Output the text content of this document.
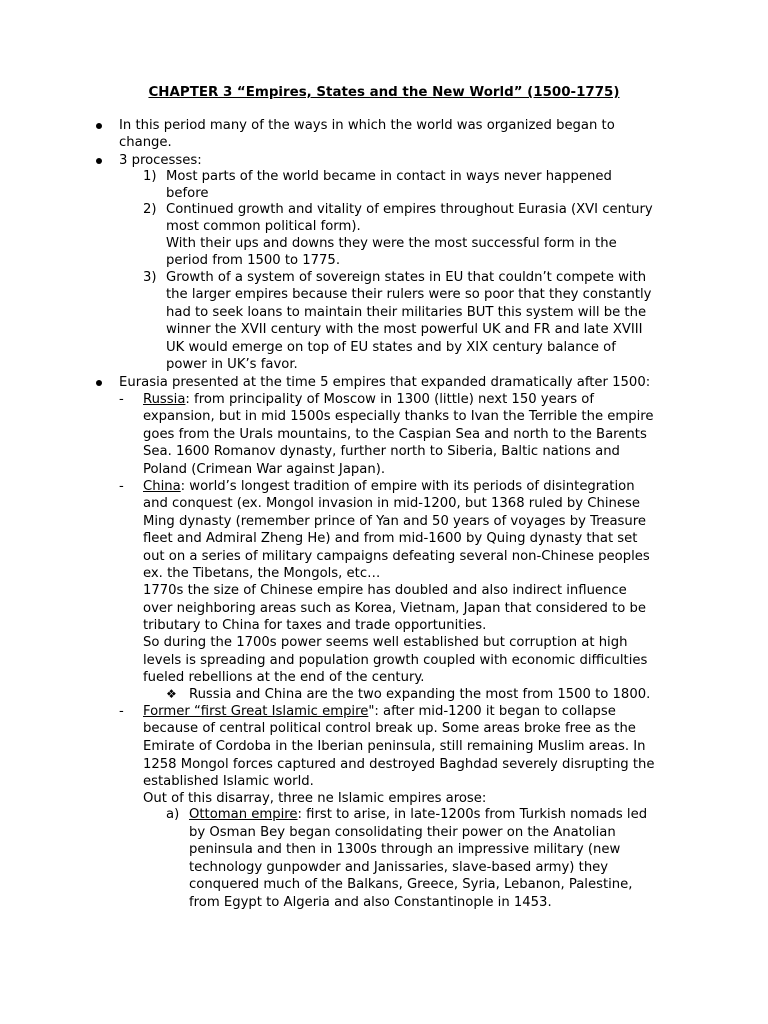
CHAPTER 3 “Empires, States and the New World” (1500-1775)
In this period many of the ways in which the world was organized began to
change.
3 processes:
1) Most parts of the world became in contact in ways never happened
before
2) Continued growth and vitality of empires throughout Eurasia (XVI century
most common political form).
With their ups and downs they were the most successful form in the
period from 1500 to 1775.
3) Growth of a system of sovereign states in EU that couldn’t compete with
the larger empires because their rulers were so poor that they constantly
had to seek loans to maintain their militaries BUT this system will be the
winner the XVII century with the most powerful UK and FR and late XVIII
UK would emerge on top of EU states and by XIX century balance of
power in UK’s favor.
Eurasia presented at the time 5 empires that expanded dramatically after 1500:
- Russia: from principality of Moscow in 1300 (little) next 150 years of
expansion, but in mid 1500s especially thanks to Ivan the Terrible the empire
goes from the Urals mountains, to the Caspian Sea and north to the Barents
Sea. 1600 Romanov dynasty, further north to Siberia, Baltic nations and
Poland (Crimean War against Japan).
- China: world’s longest tradition of empire with its periods of disintegration
and conquest (ex. Mongol invasion in mid-1200, but 1368 ruled by Chinese
Ming dynasty (remember prince of Yan and 50 years of voyages by Treasure
fleet and Admiral Zheng He) and from mid-1600 by Quing dynasty that set
out on a series of military campaigns defeating several non-Chinese peoples
ex. the Tibetans, the Mongols, etc…
1770s the size of Chinese empire has doubled and also indirect influence
over neighboring areas such as Korea, Vietnam, Japan that considered to be
tributary to China for taxes and trade opportunities.
So during the 1700s power seems well established but corruption at high
levels is spreading and population growth coupled with economic difficulties
fueled rebellions at the end of the century.
❖ Russia and China are the two expanding the most from 1500 to 1800.
- Former “first Great Islamic empire": after mid-1200 it began to collapse
because of central political control break up. Some areas broke free as the
Emirate of Cordoba in the Iberian peninsula, still remaining Muslim areas. In
1258 Mongol forces captured and destroyed Baghdad severely disrupting the
established Islamic world.
Out of this disarray, three ne Islamic empires arose:
a) Ottoman empire: first to arise, in late-1200s from Turkish nomads led
by Osman Bey began consolidating their power on the Anatolian
peninsula and then in 1300s through an impressive military (new
technology gunpowder and Janissaries, slave-based army) they
conquered much of the Balkans, Greece, Syria, Lebanon, Palestine,
from Egypt to Algeria and also Constantinople in 1453.
